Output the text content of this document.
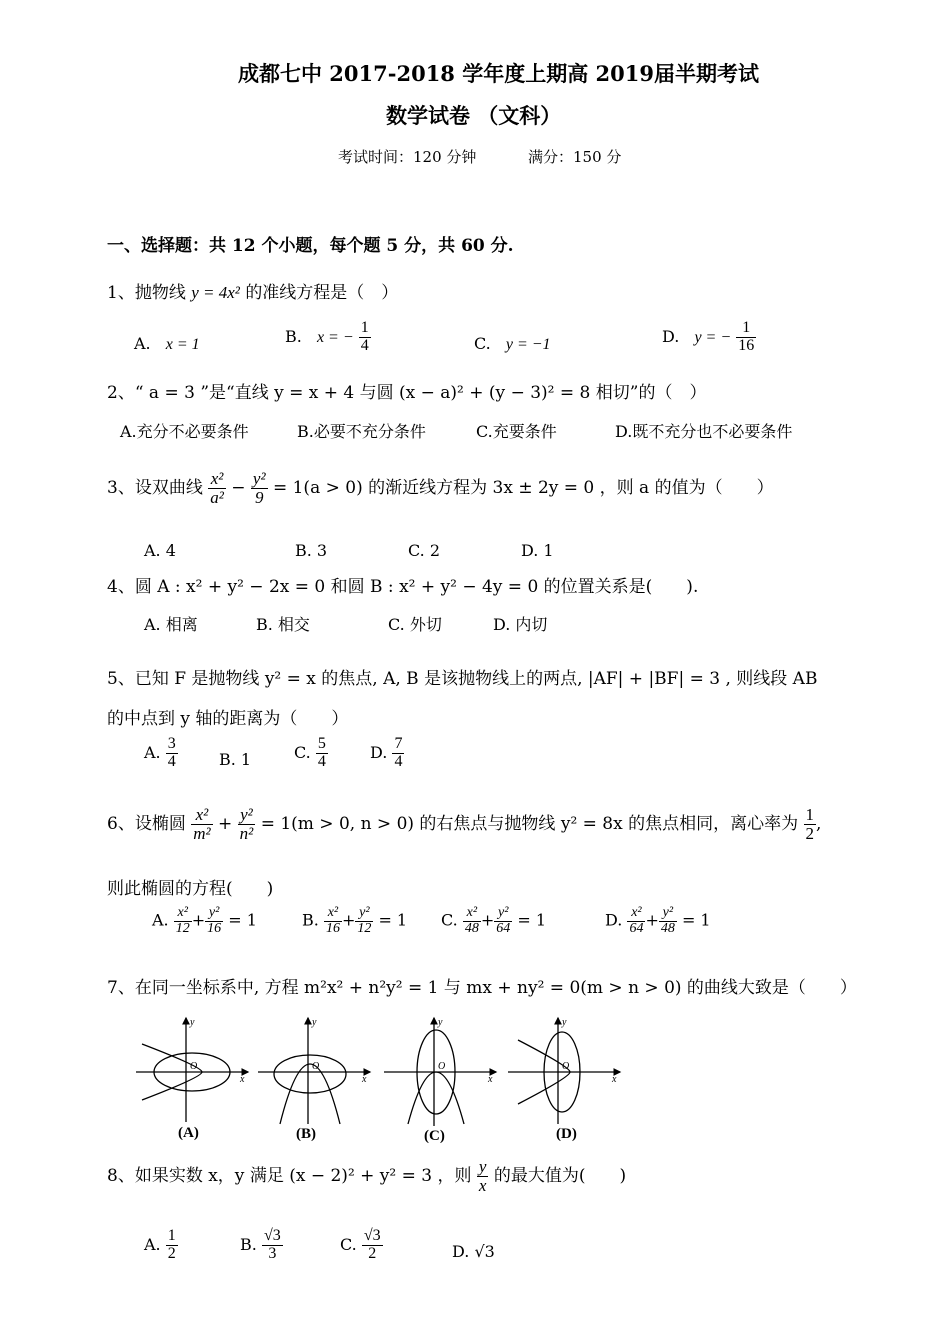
成都七中 2017-2018 学年度上期高 2019届半期考试
数学试卷 （文科）
考试时间：120 分钟	满分：150 分
一、选择题：共 12 个小题，每个题 5 分，共 60 分.
1、抛物线 y = 4x² 的准线方程是（　）
A. x = 1	B. x = − $\frac{1}{4}$	C. y = −1	D. y = − $\frac{1}{16}$
2、“ a = 3 ”是“直线 y = x + 4 与圆 (x − a)² + (y − 3)² = 8 相切”的（　）
A.充分不必要条件	B.必要不充分条件	C.充要条件	D.既不充分也不必要条件
3、设双曲线 $\frac{\text{x²}}{\text{a²}} - \frac{\text{y²}}{9} = 1(a > 0)$ 的渐近线方程为 3x ± 2y = 0 ，则 a 的值为（　　）
A. 4	B. 3	C. 2	D. 1
4、圆 A : x² + y² − 2x = 0 和圆 B : x² + y² − 4y = 0 的位置关系是(　　).
A. 相离	B. 相交	C. 外切	D. 内切
5、已知 F 是抛物线 y² = x 的焦点, A, B 是该抛物线上的两点, |AF| + |BF| = 3 , 则线段 AB
的中点到 y 轴的距离为（　　）
A. $\frac{3}{4}$	B. 1	C. $\frac{5}{4}$	D. $\frac{7}{4}$
6、设椭圆 $\frac{\text{x²}}{\text{m²}} + \frac{\text{y²}}{\text{n²}} = 1(m > 0$, n > 0) 的右焦点与抛物线 y² = 8x 的焦点相同，离心率为 $\frac{1}{2}$ ,
则此椭圆的方程(　　)
A. $\frac{\text{x²}}{12} + \frac{\text{y²}}{16} = 1$	B. $\frac{\text{x²}}{16} + \frac{\text{y²}}{12} = 1$ C. $\frac{\text{x²}}{48} + \frac{\text{y²}}{64} = 1$	D. $\frac{\text{x²}}{64} + \frac{\text{y²}}{48} = 1$
7、在同一坐标系中, 方程 m²x² + n²y² = 1 与 mx + ny² = 0(m > n > 0) 的曲线大致是（　　）
y
x
O
(A)
y
x
O
(B)
y
x
O
(C)
y
x
O
(D)
8、如果实数 x，y 满足 (x − 2)² + y² = 3 ，则 $\frac{y}{x}$ 的最大值为(　　)
A. $\frac{1}{2}$	B. $\frac{√3}{3}$	C. $\frac{√3}{2}$	D. √3
